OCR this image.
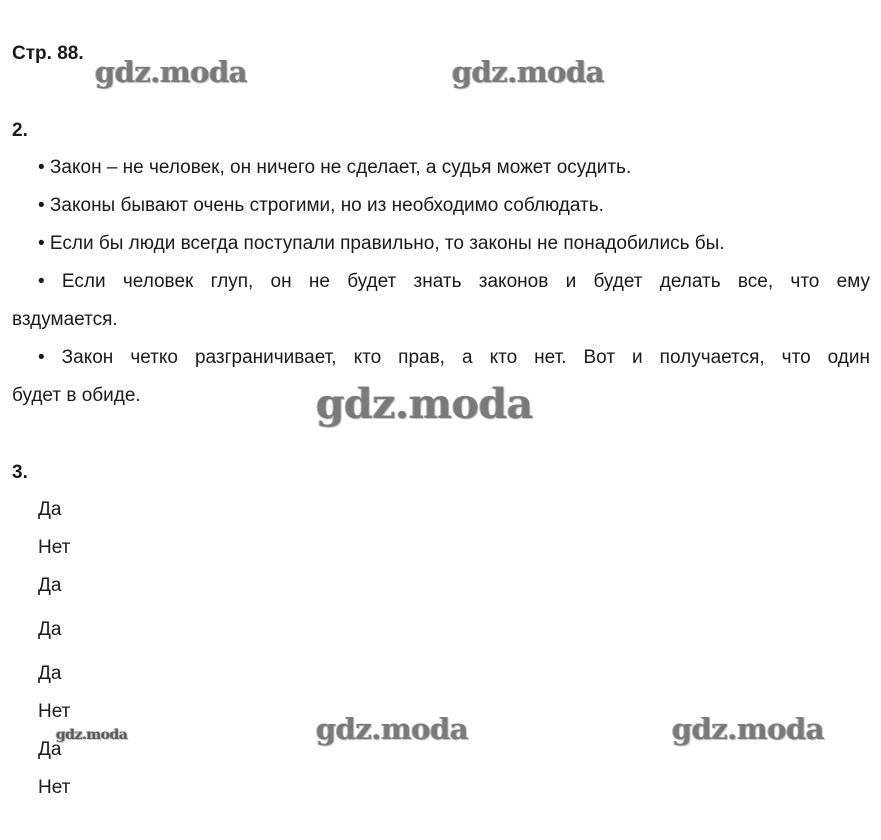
Стр. 88.
2.
• Закон – не человек, он ничего не сделает, а судья может осудить.
• Законы бывают очень строгими, но из необходимо соблюдать.
• Если бы люди всегда поступали правильно, то законы не понадобились бы.
• Если человек глуп, он не будет знать законов и будет делать все, что ему
вздумается.
• Закон четко разграничивает, кто прав, а кто нет. Вот и получается, что один
будет в обиде.
3.
Да
Нет
Да
Да
Да
Нет
Да
Нет
gdz.moda	gdz.moda
gdz.moda
gdz.moda	gdz.moda
gdz.moda
